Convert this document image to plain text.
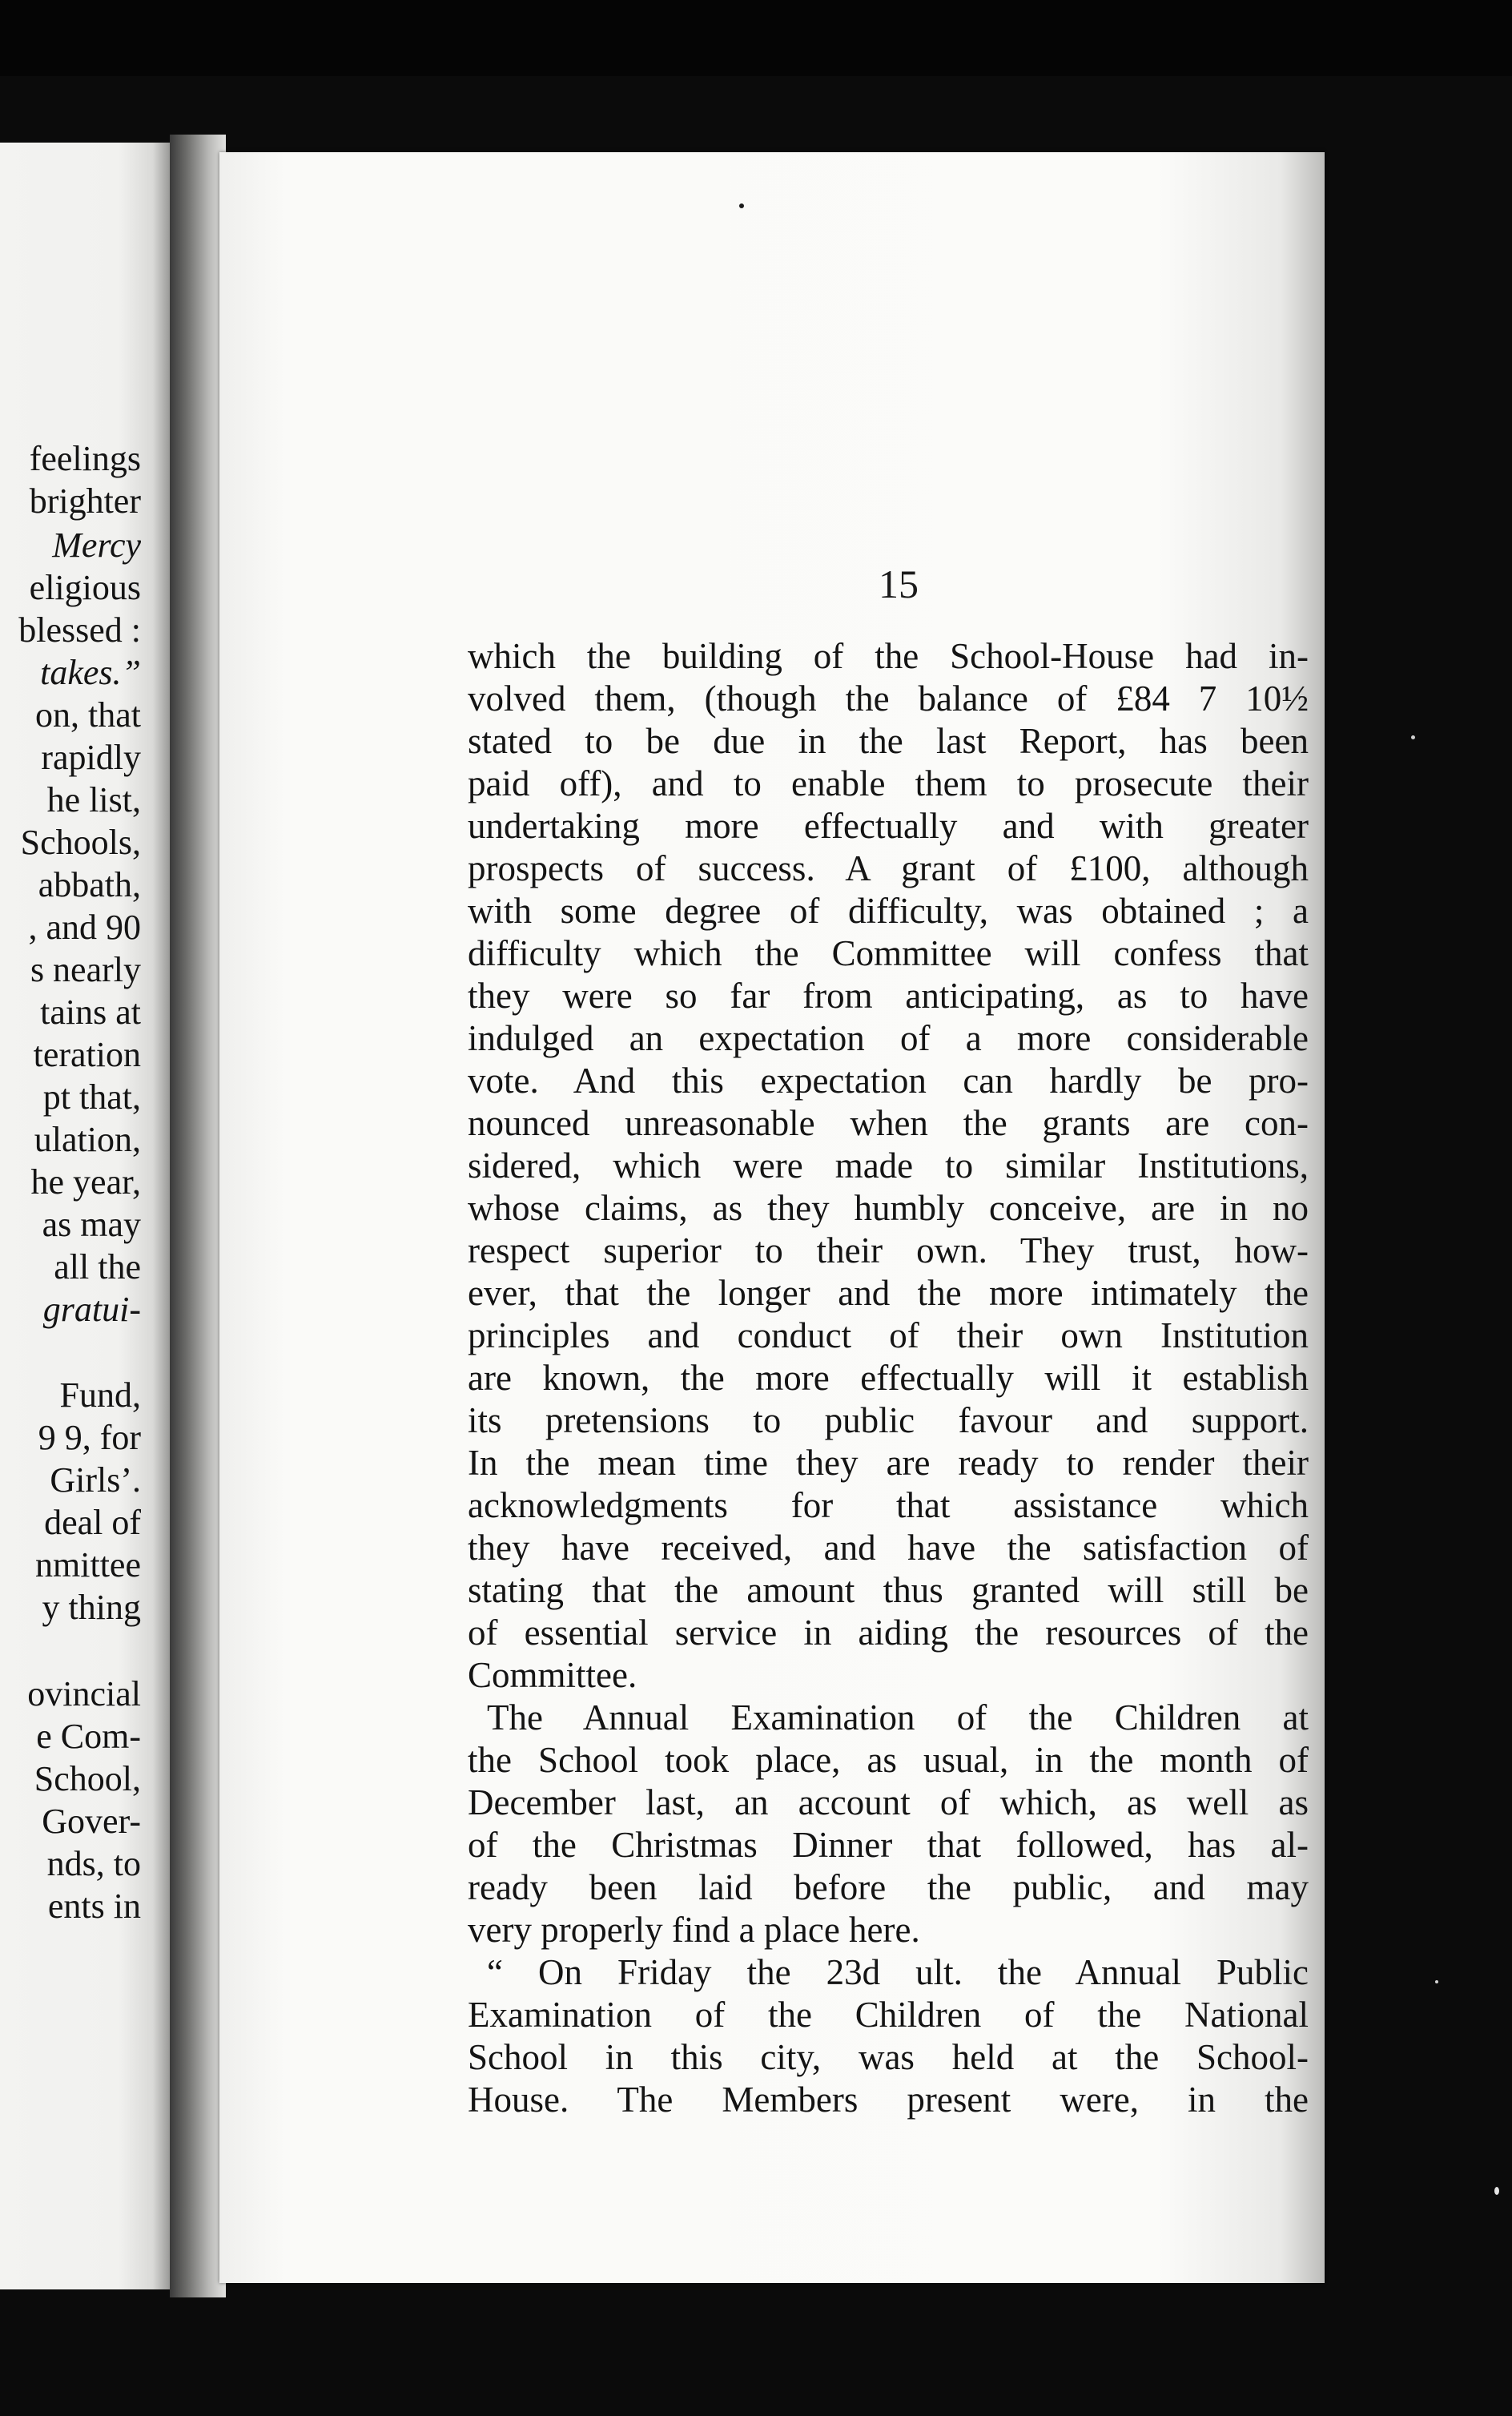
feelings
brighter
Mercy
eligious
blessed :
takes.”
on, that
rapidly
he list,
Schools,
abbath,
, and 90
s nearly
tains at
teration
pt that,
ulation,
he year,
as may
all the
gratui-
Fund,
9 9, for
Girls’.
deal of
nmittee
y thing
ovincial
e Com-
School,
Gover-
nds, to
ents in
15
which the building of the School-House had in-
volved them, (though the balance of £84 7 10½
stated to be due in the last Report, has been
paid off), and to enable them to prosecute their
undertaking more effectually and with greater
prospects of success. A grant of £100, although
with some degree of difficulty, was obtained ; a
difficulty which the Committee will confess that
they were so far from anticipating, as to have
indulged an expectation of a more considerable
vote. And this expectation can hardly be pro-
nounced unreasonable when the grants are con-
sidered, which were made to similar Institutions,
whose claims, as they humbly conceive, are in no
respect superior to their own. They trust, how-
ever, that the longer and the more intimately the
principles and conduct of their own Institution
are known, the more effectually will it establish
its pretensions to public favour and support.
In the mean time they are ready to render their
acknowledgments for that assistance which
they have received, and have the satisfaction of
stating that the amount thus granted will still be
of essential service in aiding the resources of the
Committee.
The Annual Examination of the Children at
the School took place, as usual, in the month of
December last, an account of which, as well as
of the Christmas Dinner that followed, has al-
ready been laid before the public, and may
very properly find a place here.
“ On Friday the 23d ult. the Annual Public
Examination of the Children of the National
School in this city, was held at the School-
House. The Members present were, in the
